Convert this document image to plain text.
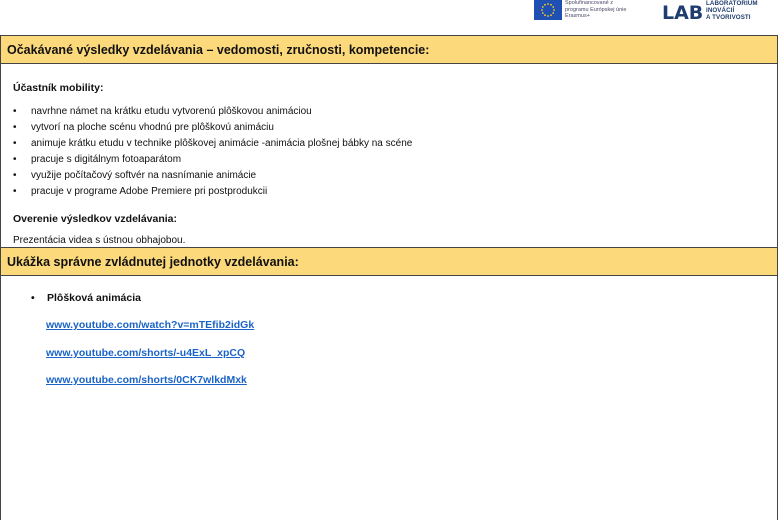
Spolufinancované z
programu Európskej únie
Erasmus+	LAB LABORATÓRIUM
INOVÁCIÍ
A TVORIVOSTI
Očakávané výsledky vzdelávania – vedomosti, zručnosti, kompetencie:
Účastník mobility:
• navrhne námet na krátku etudu vytvorenú plôškovou animáciou
• vytvorí na ploche scénu vhodnú pre plôškovú animáciu
• animuje krátku etudu v technike plôškovej animácie -animácia plošnej bábky na scéne
• pracuje s digitálnym fotoaparátom
• využije počítačový softvér na nasnímanie animácie
• pracuje v programe Adobe Premiere pri postprodukcii
Overenie výsledkov vzdelávania:
Prezentácia videa s ústnou obhajobou.
Ukážka správne zvládnutej jednotky vzdelávania:
• Plôšková animácia
www.youtube.com/watch?v=mTEfib2idGk
www.youtube.com/shorts/-u4ExL_xpCQ
www.youtube.com/shorts/0CK7wlkdMxk
